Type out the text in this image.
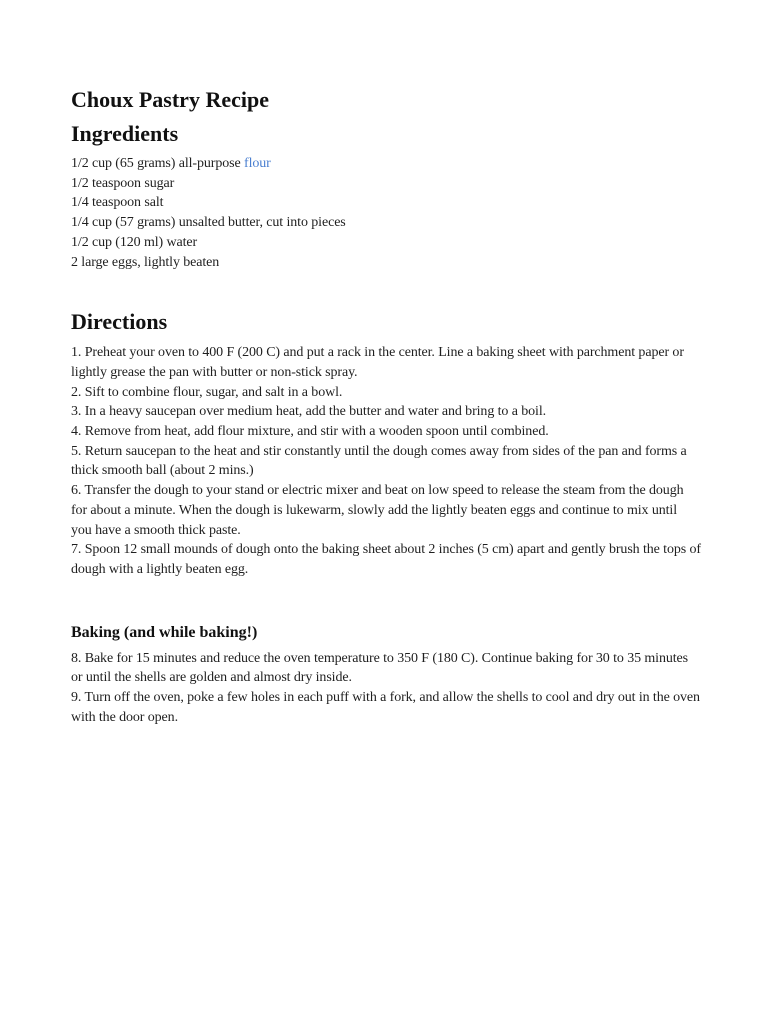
Choux Pastry Recipe
Ingredients
1/2 cup (65 grams) all-purpose flour
1/2 teaspoon sugar
1/4 teaspoon salt
1/4 cup (57 grams) unsalted butter, cut into pieces
1/2 cup (120 ml) water
2 large eggs, lightly beaten
Directions
1. Preheat your oven to 400 F (200 C) and put a rack in the center. Line a baking sheet with parchment paper or lightly grease the pan with butter or non-stick spray.
2. Sift to combine flour, sugar, and salt in a bowl.
3. In a heavy saucepan over medium heat, add the butter and water and bring to a boil.
4. Remove from heat, add flour mixture, and stir with a wooden spoon until combined.
5. Return saucepan to the heat and stir constantly until the dough comes away from sides of the pan and forms a thick smooth ball (about 2 mins.)
6. Transfer the dough to your stand or electric mixer and beat on low speed to release the steam from the dough for about a minute. When the dough is lukewarm, slowly add the lightly beaten eggs and continue to mix until you have a smooth thick paste.
7. Spoon 12 small mounds of dough onto the baking sheet about 2 inches (5 cm) apart and gently brush the tops of dough with a lightly beaten egg.
Baking (and while baking!)
8. Bake for 15 minutes and reduce the oven temperature to 350 F (180 C). Continue baking for 30 to 35 minutes or until the shells are golden and almost dry inside.
9. Turn off the oven, poke a few holes in each puff with a fork, and allow the shells to cool and dry out in the oven with the door open.
